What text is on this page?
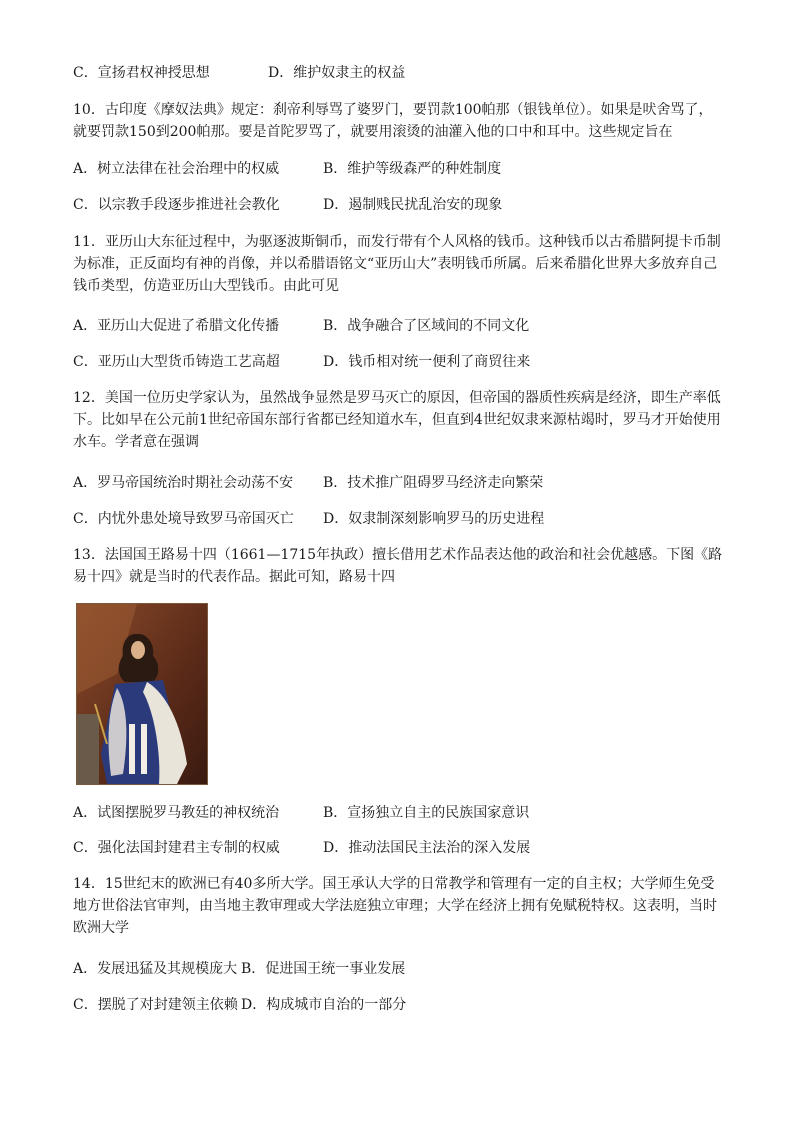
C．宣扬君权神授思想	D．维护奴隶主的权益

10．古印度《摩奴法典》规定：刹帝利辱骂了婆罗门，要罚款100帕那（银钱单位）。如果是吠舍骂了，就要罚款150到200帕那。要是首陀罗骂了，就要用滚烫的油灌入他的口中和耳中。这些规定旨在

A．树立法律在社会治理中的权威	B．维护等级森严的种姓制度
C．以宗教手段逐步推进社会教化	D．遏制贱民扰乱治安的现象

11．亚历山大东征过程中，为驱逐波斯铜币，而发行带有个人风格的钱币。这种钱币以古希腊阿提卡币制为标准，正反面均有神的肖像，并以希腊语铭文“亚历山大”表明钱币所属。后来希腊化世界大多放弃自己钱币类型，仿造亚历山大型钱币。由此可见

A．亚历山大促进了希腊文化传播	B．战争融合了区域间的不同文化
C．亚历山大型货币铸造工艺高超	D．钱币相对统一便利了商贸往来

12．美国一位历史学家认为，虽然战争显然是罗马灭亡的原因，但帝国的器质性疾病是经济，即生产率低下。比如早在公元前1世纪帝国东部行省都已经知道水车，但直到4世纪奴隶来源枯竭时，罗马才开始使用水车。学者意在强调

A．罗马帝国统治时期社会动荡不安 B．技术推广阻碍罗马经济走向繁荣
C．内忧外患处境导致罗马帝国灭亡 D．奴隶制深刻影响罗马的历史进程

13．法国国王路易十四（1661—1715年执政）擅长借用艺术作品表达他的政治和社会优越感。下图《路易十四》就是当时的代表作品。据此可知，路易十四

A．试图摆脱罗马教廷的神权统治	B．宣扬独立自主的民族国家意识
C．强化法国封建君主专制的权威	D．推动法国民主法治的深入发展

14．15世纪末的欧洲已有40多所大学。国王承认大学的日常教学和管理有一定的自主权；大学师生免受地方世俗法官审判，由当地主教审理或大学法庭独立审理；大学在经济上拥有免赋税特权。这表明，当时欧洲大学

A．发展迅猛及其规模庞大 B．促进国王统一事业发展
C．摆脱了对封建领主依赖 D．构成城市自治的一部分
